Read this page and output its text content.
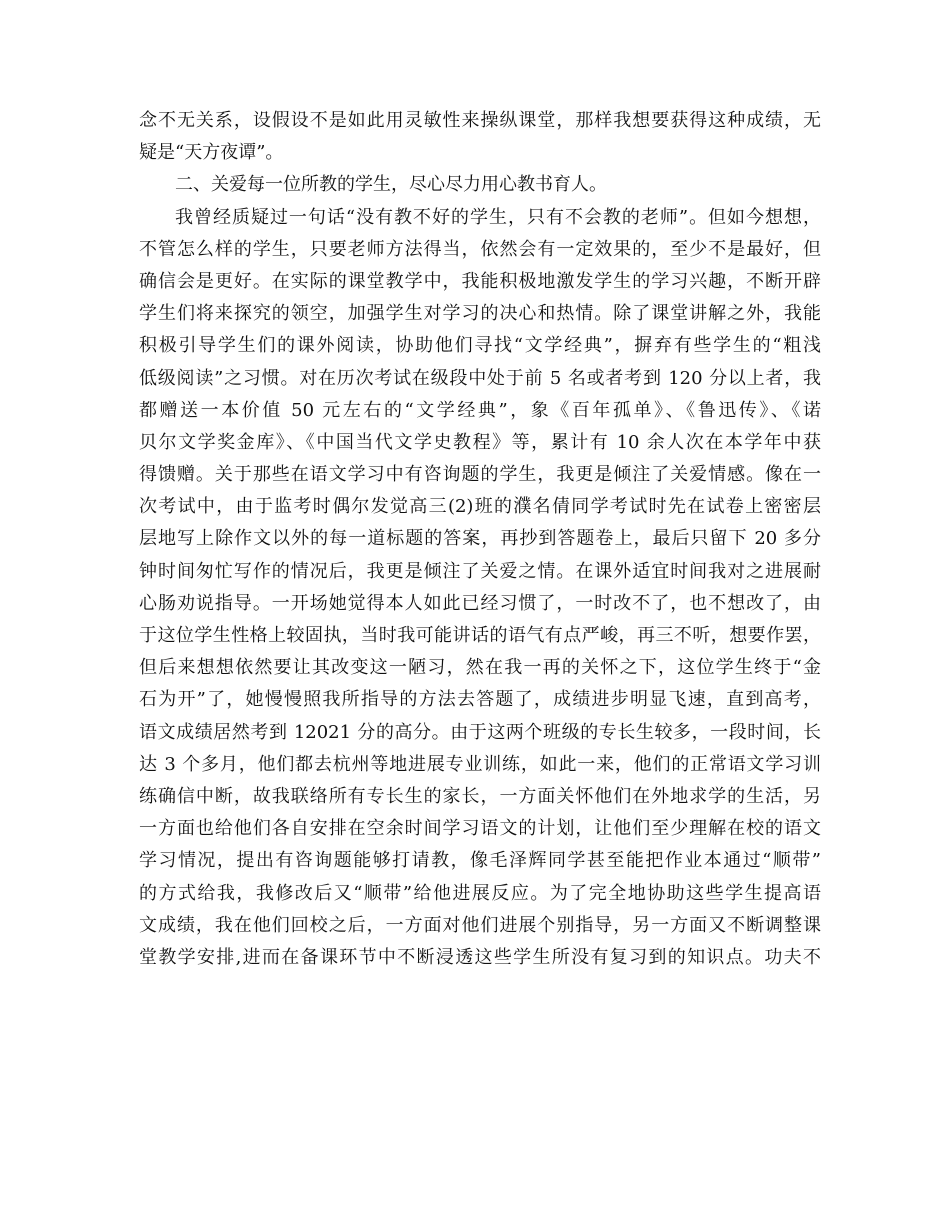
念不无关系，设假设不是如此用灵敏性来操纵课堂，那样我想要获得这种成绩，无
疑是“天方夜谭”。
二、关爱每一位所教的学生，尽心尽力用心教书育人。
我曾经质疑过一句话“没有教不好的学生，只有不会教的老师”。但如今想想，
不管怎么样的学生，只要老师方法得当，依然会有一定效果的，至少不是最好，但
确信会是更好。在实际的课堂教学中，我能积极地激发学生的学习兴趣，不断开辟
学生们将来探究的领空，加强学生对学习的决心和热情。除了课堂讲解之外，我能
积极引导学生们的课外阅读，协助他们寻找“文学经典”，摒弃有些学生的“粗浅
低级阅读”之习惯。对在历次考试在级段中处于前 5 名或者考到 120 分以上者，我
都赠送一本价值 50 元左右的“文学经典”，象《百年孤单》、《鲁迅传》、《诺
贝尔文学奖金库》、《中国当代文学史教程》等，累计有 10 余人次在本学年中获
得馈赠。关于那些在语文学习中有咨询题的学生，我更是倾注了关爱情感。像在一
次考试中，由于监考时偶尔发觉高三(2)班的濮名倩同学考试时先在试卷上密密层
层地写上除作文以外的每一道标题的答案，再抄到答题卷上，最后只留下 20 多分
钟时间匆忙写作的情况后，我更是倾注了关爱之情。在课外适宜时间我对之进展耐
心肠劝说指导。一开场她觉得本人如此已经习惯了，一时改不了，也不想改了，由
于这位学生性格上较固执，当时我可能讲话的语气有点严峻，再三不听，想要作罢，
但后来想想依然要让其改变这一陋习，然在我一再的关怀之下，这位学生终于“金
石为开”了，她慢慢照我所指导的方法去答题了，成绩进步明显飞速，直到高考，
语文成绩居然考到 12021 分的高分。由于这两个班级的专长生较多，一段时间，长
达 3 个多月，他们都去杭州等地进展专业训练，如此一来，他们的正常语文学习训
练确信中断，故我联络所有专长生的家长，一方面关怀他们在外地求学的生活，另
一方面也给他们各自安排在空余时间学习语文的计划，让他们至少理解在校的语文
学习情况，提出有咨询题能够打请教，像毛泽辉同学甚至能把作业本通过“顺带”
的方式给我，我修改后又“顺带”给他进展反应。为了完全地协助这些学生提高语
文成绩，我在他们回校之后，一方面对他们进展个别指导，另一方面又不断调整课
堂教学安排,进而在备课环节中不断浸透这些学生所没有复习到的知识点。功夫不
